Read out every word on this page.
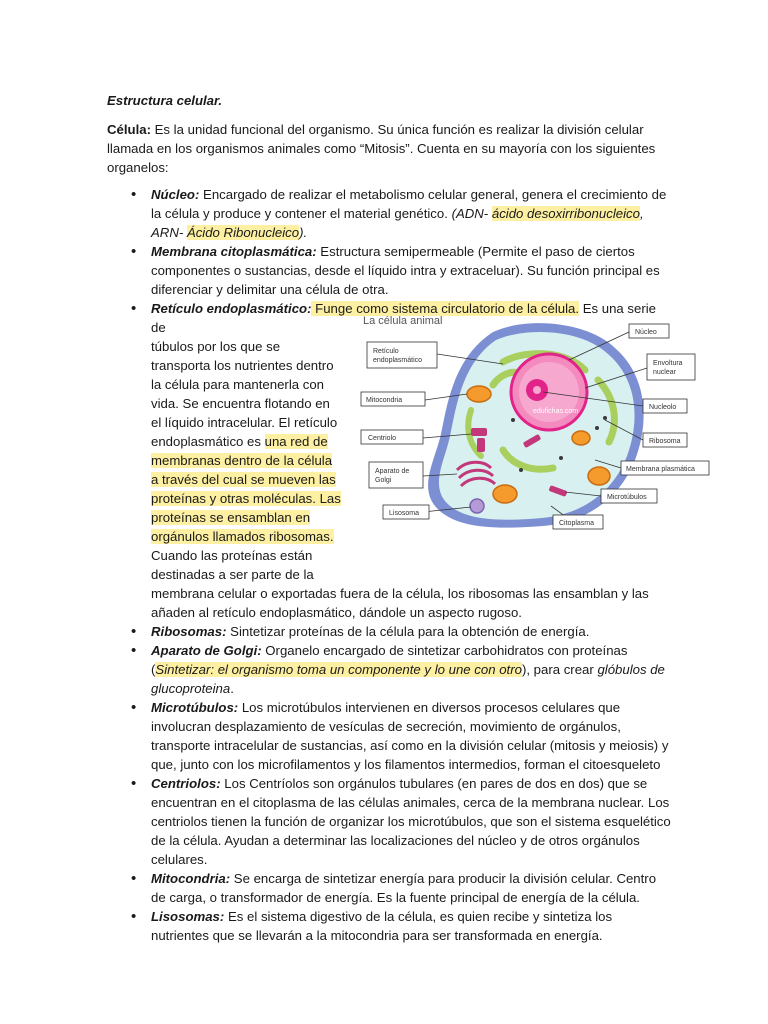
Estructura celular.

Célula: Es la unidad funcional del organismo. Su única función es realizar la división celular llamada en los organismos animales como “Mitosis”. Cuenta en su mayoría con los siguientes organelos:

• Núcleo: Encargado de realizar el metabolismo celular general, genera el crecimiento de la célula y produce y contener el material genético. (ADN- ácido desoxirribonucleico, ARN- Ácido Ribonucleico).
• Membrana citoplasmática: Estructura semipermeable (Permite el paso de ciertos componentes o sustancias, desde el líquido intra y extraceluar). Su función principal es diferenciar y delimitar una célula de otra.
• Retículo endoplasmático: Funge como sistema circulatorio de la célula. Es una serie de
túbulos por los que se transporta los nutrientes dentro la célula para mantenerla con vida. Se encuentra flotando en el líquido intracelular. El retículo endoplasmático es una red de membranas dentro de la célula a través del cual se mueven las proteínas y otras moléculas. Las proteínas se ensamblan en orgánulos llamados ribosomas. Cuando las proteínas están destinadas a ser parte de la
membrana celular o exportadas fuera de la célula, los ribosomas las ensamblan y las añaden al retículo endoplasmático, dándole un aspecto rugoso.
• Ribosomas: Sintetizar proteínas de la célula para la obtención de energía.
• Aparato de Golgi: Organelo encargado de sintetizar carbohidratos con proteínas (Sintetizar: el organismo toma un componente y lo une con otro), para crear glóbulos de glucoproteina.
• Microtúbulos: Los microtúbulos intervienen en diversos procesos celulares que involucran desplazamiento de vesículas de secreción, movimiento de orgánulos, transporte intracelular de sustancias, así como en la división celular (mitosis y meiosis) y que, junto con los microfilamentos y los filamentos intermedios, forman el citoesqueleto
• Centriolos: Los Centríolos son orgánulos tubulares (en pares de dos en dos) que se encuentran en el citoplasma de las células animales, cerca de la membrana nuclear. Los centriolos tienen la función de organizar los microtúbulos, que son el sistema esquelético de la célula. Ayudan a determinar las localizaciones del núcleo y de otros orgánulos celulares.
• Mitocondria: Se encarga de sintetizar energía para producir la división celular. Centro de carga, o transformador de energía. Es la fuente principal de energía de la célula.
• Lisosomas: Es el sistema digestivo de la célula, es quien recibe y sintetiza los nutrientes que se llevarán a la mitocondria para ser transformada en energía.
La célula animal
edufichas.com
Retículo
endoplasmático
Mitocondria
Centriolo
Aparato de
Golgi
Lisosoma
Núcleo
Envoltura
nuclear
Nucleolo
Ribosoma
Membrana plasmática
Microtúbulos
Citoplasma
